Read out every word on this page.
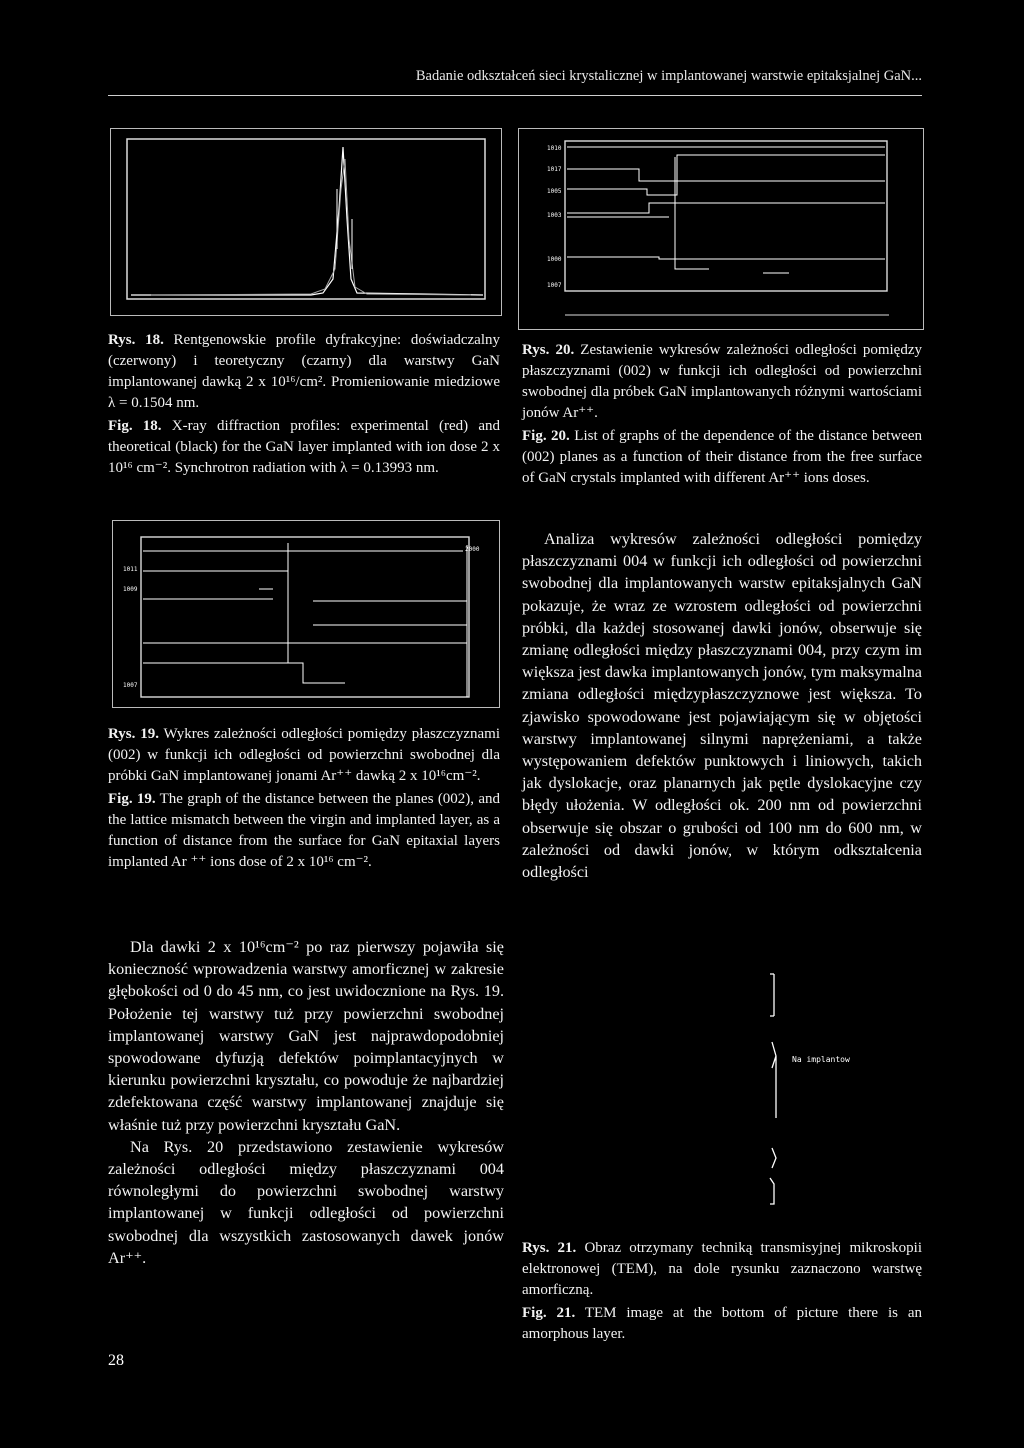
Badanie odkształceń sieci krystalicznej w implantowanej warstwie epitaksjalnej GaN...

Rys. 18. Rentgenowskie profile dyfrakcyjne: doświadczalny (czerwony) i teoretyczny (czarny) dla warstwy GaN implantowanej dawką 2 x 10¹⁶/cm². Promieniowanie miedziowe λ = 0.1504 nm.

Fig. 18. X-ray diffraction profiles: experimental (red) and theoretical (black) for the GaN layer implanted with ion dose 2 x 10¹⁶ cm⁻². Synchrotron radiation with λ = 0.13993 nm.

1010
1017
1005
1003
1000
1007

Rys. 20. Zestawienie wykresów zależności odległości pomiędzy płaszczyznami (002) w funkcji ich odległości od powierzchni swobodnej dla próbek GaN implantowanych różnymi wartościami jonów Ar⁺⁺.

Fig. 20. List of graphs of the dependence of the distance between (002) planes as a function of their distance from the free surface of GaN crystals implanted with different Ar⁺⁺ ions doses.

1011
1009
1007
2000

Rys. 19. Wykres zależności odległości pomiędzy płaszczyznami (002) w funkcji ich odległości od powierzchni swobodnej dla próbki GaN implantowanej jonami Ar⁺⁺ dawką 2 x 10¹⁶cm⁻².

Fig. 19. The graph of the distance between the planes (002), and the lattice mismatch between the virgin and implanted layer, as a function of distance from the surface for GaN epitaxial layers implanted Ar ⁺⁺ ions dose of 2 x 10¹⁶ cm⁻².

Analiza wykresów zależności odległości pomiędzy płaszczyznami 004 w funkcji ich odległości od powierzchni swobodnej dla implantowanych warstw epitaksjalnych GaN pokazuje, że wraz ze wzrostem odległości od powierzchni próbki, dla każdej stosowanej dawki jonów, obserwuje się zmianę odległości między płaszczyznami 004, przy czym im większa jest dawka implantowanych jonów, tym maksymalna zmiana odległości międzypłaszczyznowe jest większa. To zjawisko spowodowane jest pojawiającym się w objętości warstwy implantowanej silnymi naprężeniami, a także występowaniem defektów punktowych i liniowych, takich jak dyslokacje, oraz planarnych jak pętle dyslokacyjne czy błędy ułożenia. W odległości ok. 200 nm od powierzchni obserwuje się obszar o grubości od 100 nm do 600 nm, w zależności od dawki jonów, w którym odkształcenia odległości

Dla dawki 2 x 10¹⁶cm⁻² po raz pierwszy pojawiła się konieczność wprowadzenia warstwy amorficznej w zakresie głębokości od 0 do 45 nm, co jest uwidocznione na Rys. 19. Położenie tej warstwy tuż przy powierzchni swobodnej implantowanej warstwy GaN jest najprawdopodobniej spowodowane dyfuzją defektów poimplantacyjnych w kierunku powierzchni kryształu, co powoduje że najbardziej zdefektowana część warstwy implantowanej znajduje się właśnie tuż przy powierzchni kryształu GaN.

Na Rys. 20 przedstawiono zestawienie wykresów zależności odległości między płaszczyznami 004 równoległymi do powierzchni swobodnej warstwy implantowanej w funkcji odległości od powierzchni swobodnej dla wszystkich zastosowanych dawek jonów Ar⁺⁺.

Na implantow

Rys. 21. Obraz otrzymany techniką transmisyjnej mikroskopii elektronowej (TEM), na dole rysunku zaznaczono warstwę amorficzną.

Fig. 21. TEM image at the bottom of picture there is an amorphous layer.

28
